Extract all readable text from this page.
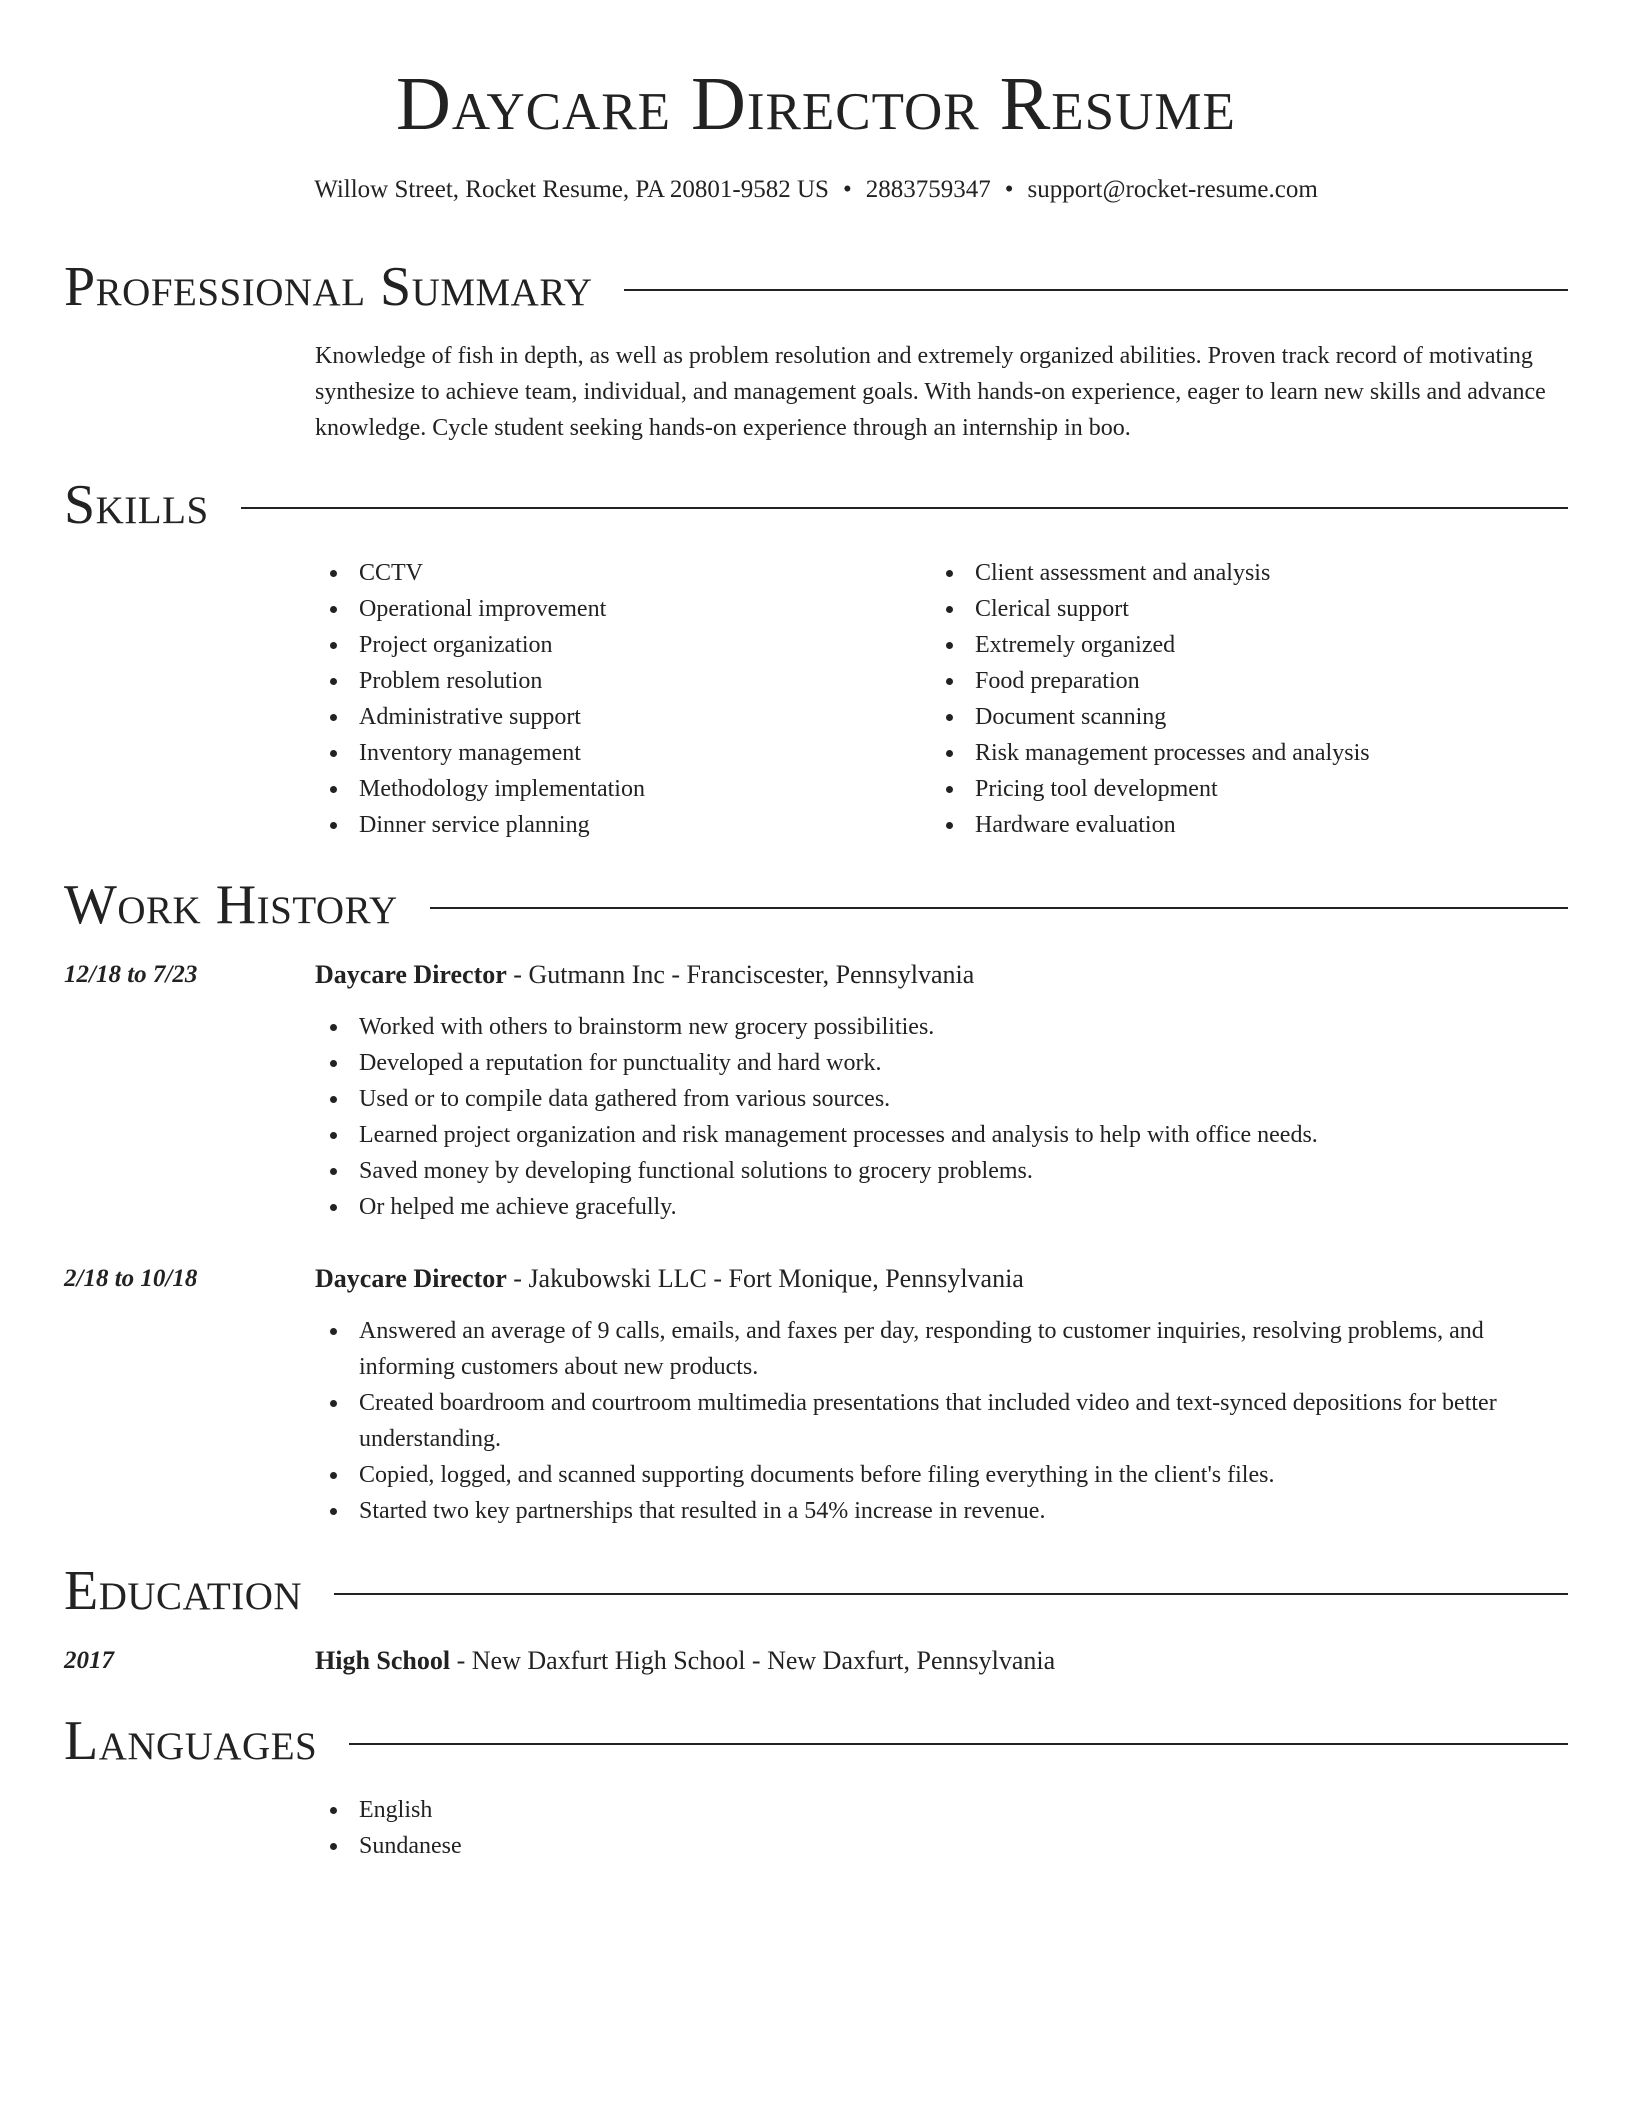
Daycare Director Resume
Willow Street, Rocket Resume, PA 20801-9582 US • 2883759347 • support@rocket-resume.com
Professional Summary
Knowledge of fish in depth, as well as problem resolution and extremely organized abilities. Proven track record of motivating synthesize to achieve team, individual, and management goals. With hands-on experience, eager to learn new skills and advance knowledge. Cycle student seeking hands-on experience through an internship in boo.
Skills
CCTV
Operational improvement
Project organization
Problem resolution
Administrative support
Inventory management
Methodology implementation
Dinner service planning
Client assessment and analysis
Clerical support
Extremely organized
Food preparation
Document scanning
Risk management processes and analysis
Pricing tool development
Hardware evaluation
Work History
12/18 to 7/23	Daycare Director - Gutmann Inc - Franciscester, Pennsylvania
Worked with others to brainstorm new grocery possibilities.
Developed a reputation for punctuality and hard work.
Used or to compile data gathered from various sources.
Learned project organization and risk management processes and analysis to help with office needs.
Saved money by developing functional solutions to grocery problems.
Or helped me achieve gracefully.
2/18 to 10/18	Daycare Director - Jakubowski LLC - Fort Monique, Pennsylvania
Answered an average of 9 calls, emails, and faxes per day, responding to customer inquiries, resolving problems, and informing customers about new products.
Created boardroom and courtroom multimedia presentations that included video and text-synced depositions for better understanding.
Copied, logged, and scanned supporting documents before filing everything in the client's files.
Started two key partnerships that resulted in a 54% increase in revenue.
Education
2017	High School - New Daxfurt High School - New Daxfurt, Pennsylvania
Languages
English
Sundanese
